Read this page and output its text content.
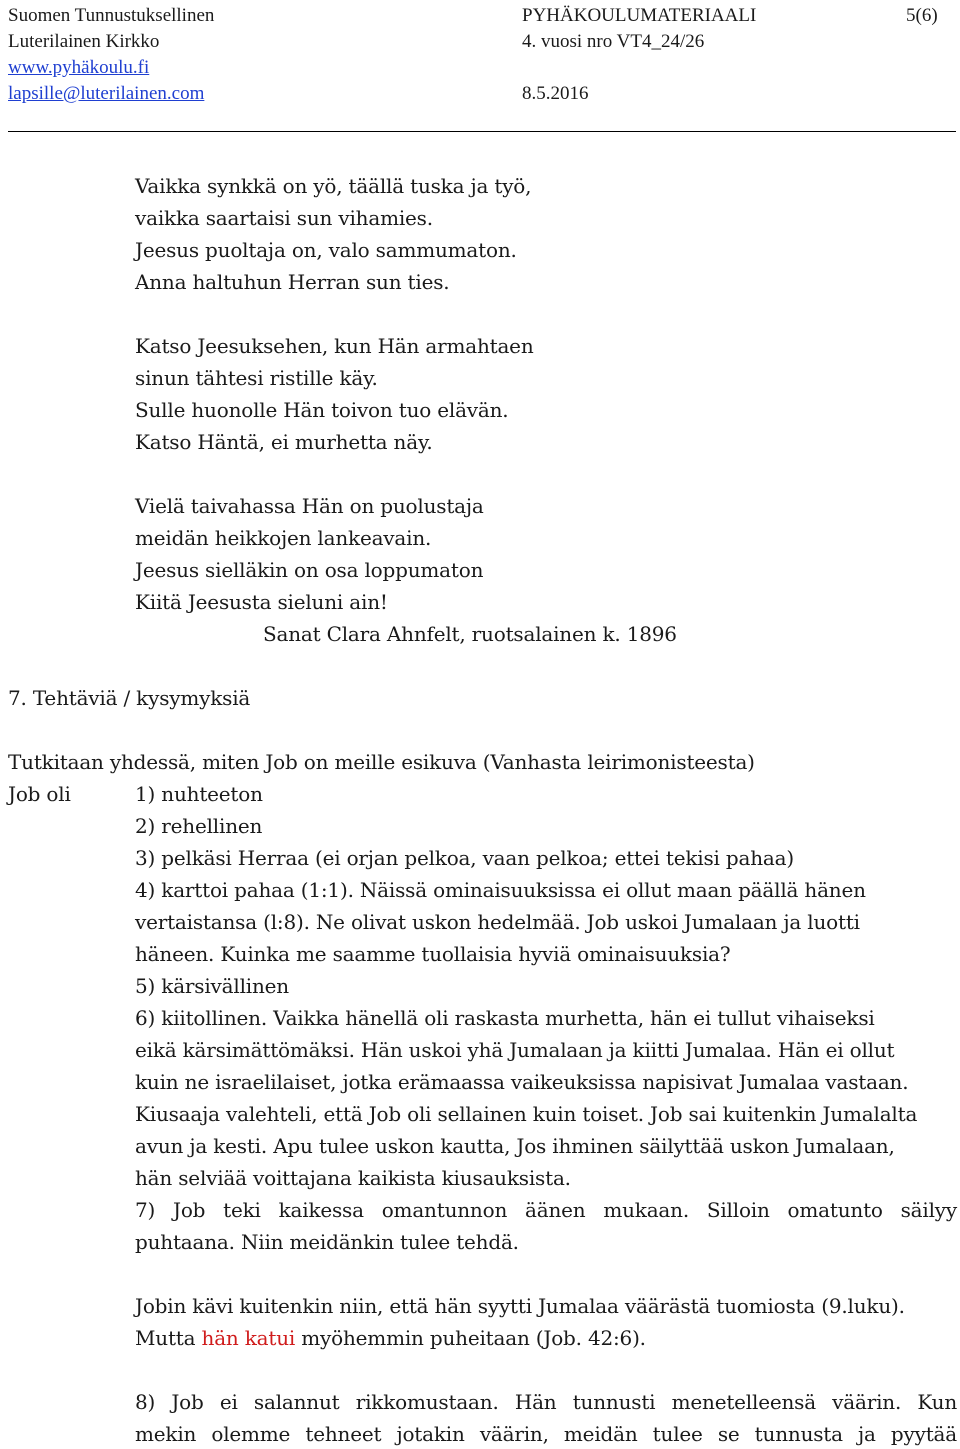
Suomen Tunnustuksellinen
Luterilainen Kirkko
www.pyhäkoulu.fi
lapsille@luterilainen.com
PYHÄKOULUMATERIAALI
4. vuosi nro VT4_24/26
8.5.2016
5(6)
Vaikka synkkä on yö, täällä tuska ja työ,
vaikka saartaisi sun vihamies.
Jeesus puoltaja on, valo sammumaton.
Anna haltuhun Herran sun ties.
Katso Jeesuksehen, kun Hän armahtaen
sinun tähtesi ristille käy.
Sulle huonolle Hän toivon tuo elävän.
Katso Häntä, ei murhetta näy.
Vielä taivahassa Hän on puolustaja
meidän heikkojen lankeavain.
Jeesus sielläkin on osa loppumaton
Kiitä Jeesusta sieluni ain!
Sanat Clara Ahnfelt, ruotsalainen k. 1896
7. Tehtäviä / kysymyksiä
Tutkitaan yhdessä, miten Job on meille esikuva (Vanhasta leirimonisteesta)
Job oli	1) nuhteeton
2) rehellinen
3) pelkäsi Herraa (ei orjan pelkoa, vaan pelkoa; ettei tekisi pahaa)
4) karttoi pahaa (1:1). Näissä ominaisuuksissa ei ollut maan päällä hänen
vertaistansa (l:8). Ne olivat uskon hedelmää. Job uskoi Jumalaan ja luotti
häneen. Kuinka me saamme tuollaisia hyviä ominaisuuksia?
5) kärsivällinen
6) kiitollinen. Vaikka hänellä oli raskasta murhetta, hän ei tullut vihaiseksi
eikä kärsimättömäksi. Hän uskoi yhä Jumalaan ja kiitti Jumalaa. Hän ei ollut
kuin ne israelilaiset, jotka erämaassa vaikeuksissa napisivat Jumalaa vastaan.
Kiusaaja valehteli, että Job oli sellainen kuin toiset. Job sai kuitenkin Jumalalta
avun ja kesti. Apu tulee uskon kautta, Jos ihminen säilyttää uskon Jumalaan,
hän selviää voittajana kaikista kiusauksista.
7) Job teki kaikessa omantunnon äänen mukaan. Silloin omatunto säilyy
puhtaana. Niin meidänkin tulee tehdä.
Jobin kävi kuitenkin niin, että hän syytti Jumalaa väärästä tuomiosta (9.luku).
Mutta hän katui myöhemmin puheitaan (Job. 42:6).
8) Job ei salannut rikkomustaan. Hän tunnusti menetelleensä väärin. Kun
mekin olemme tehneet jotakin väärin, meidän tulee se tunnusta ja pyytää
